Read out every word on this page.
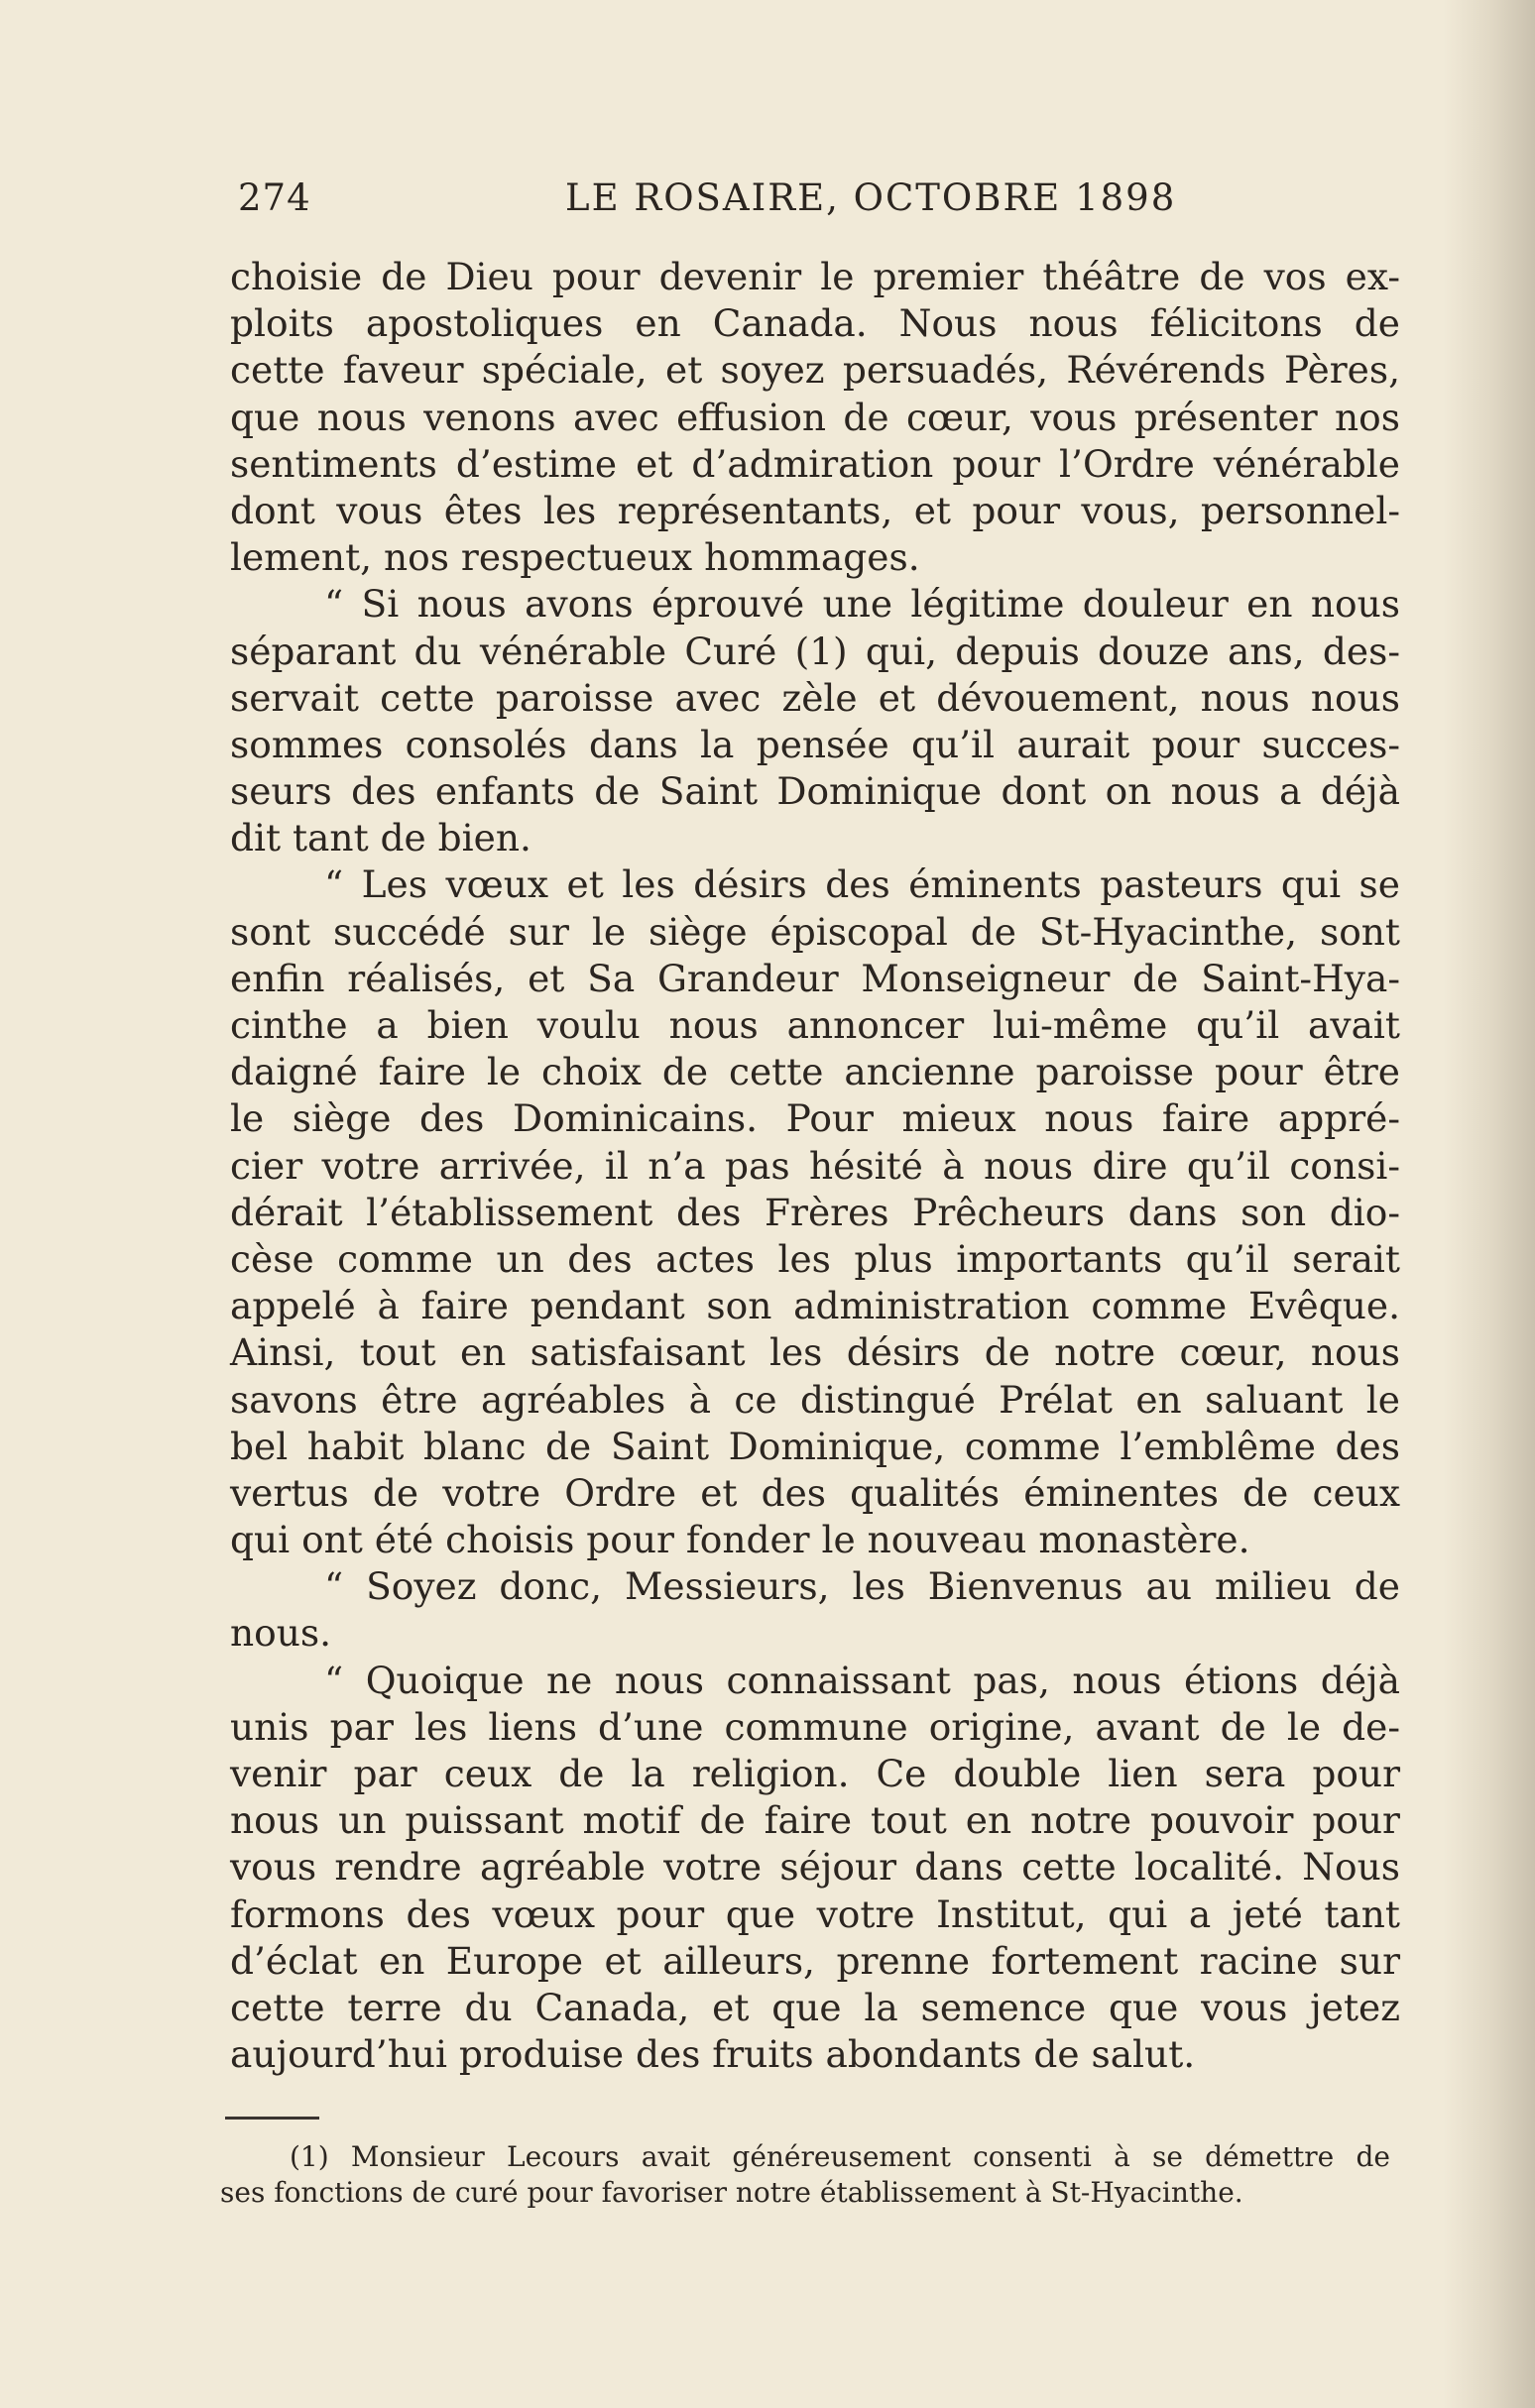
274	LE ROSAIRE, OCTOBRE 1898
choisie de Dieu pour devenir le premier théâtre de vos ex-
ploits apostoliques en Canada. Nous nous félicitons de
cette faveur spéciale, et soyez persuadés, Révérends Pères,
que nous venons avec effusion de cœur, vous présenter nos
sentiments d’estime et d’admiration pour l’Ordre vénérable
dont vous êtes les représentants, et pour vous, personnel-
lement, nos respectueux hommages.
“ Si nous avons éprouvé une légitime douleur en nous
séparant du vénérable Curé (1) qui, depuis douze ans, des-
servait cette paroisse avec zèle et dévouement, nous nous
sommes consolés dans la pensée qu’il aurait pour succes-
seurs des enfants de Saint Dominique dont on nous a déjà
dit tant de bien.
“ Les vœux et les désirs des éminents pasteurs qui se
sont succédé sur le siège épiscopal de St-Hyacinthe, sont
enfin réalisés, et Sa Grandeur Monseigneur de Saint-Hya-
cinthe a bien voulu nous annoncer lui-même qu’il avait
daigné faire le choix de cette ancienne paroisse pour être
le siège des Dominicains. Pour mieux nous faire appré-
cier votre arrivée, il n’a pas hésité à nous dire qu’il consi-
dérait l’établissement des Frères Prêcheurs dans son dio-
cèse comme un des actes les plus importants qu’il serait
appelé à faire pendant son administration comme Evêque.
Ainsi, tout en satisfaisant les désirs de notre cœur, nous
savons être agréables à ce distingué Prélat en saluant le
bel habit blanc de Saint Dominique, comme l’emblême des
vertus de votre Ordre et des qualités éminentes de ceux
qui ont été choisis pour fonder le nouveau monastère.
“ Soyez donc, Messieurs, les Bienvenus au milieu de
nous.
“ Quoique ne nous connaissant pas, nous étions déjà
unis par les liens d’une commune origine, avant de le de-
venir par ceux de la religion. Ce double lien sera pour
nous un puissant motif de faire tout en notre pouvoir pour
vous rendre agréable votre séjour dans cette localité. Nous
formons des vœux pour que votre Institut, qui a jeté tant
d’éclat en Europe et ailleurs, prenne fortement racine sur
cette terre du Canada, et que la semence que vous jetez
aujourd’hui produise des fruits abondants de salut.
(1) Monsieur Lecours avait généreusement consenti à se démettre de
ses fonctions de curé pour favoriser notre établissement à St-Hyacinthe.
